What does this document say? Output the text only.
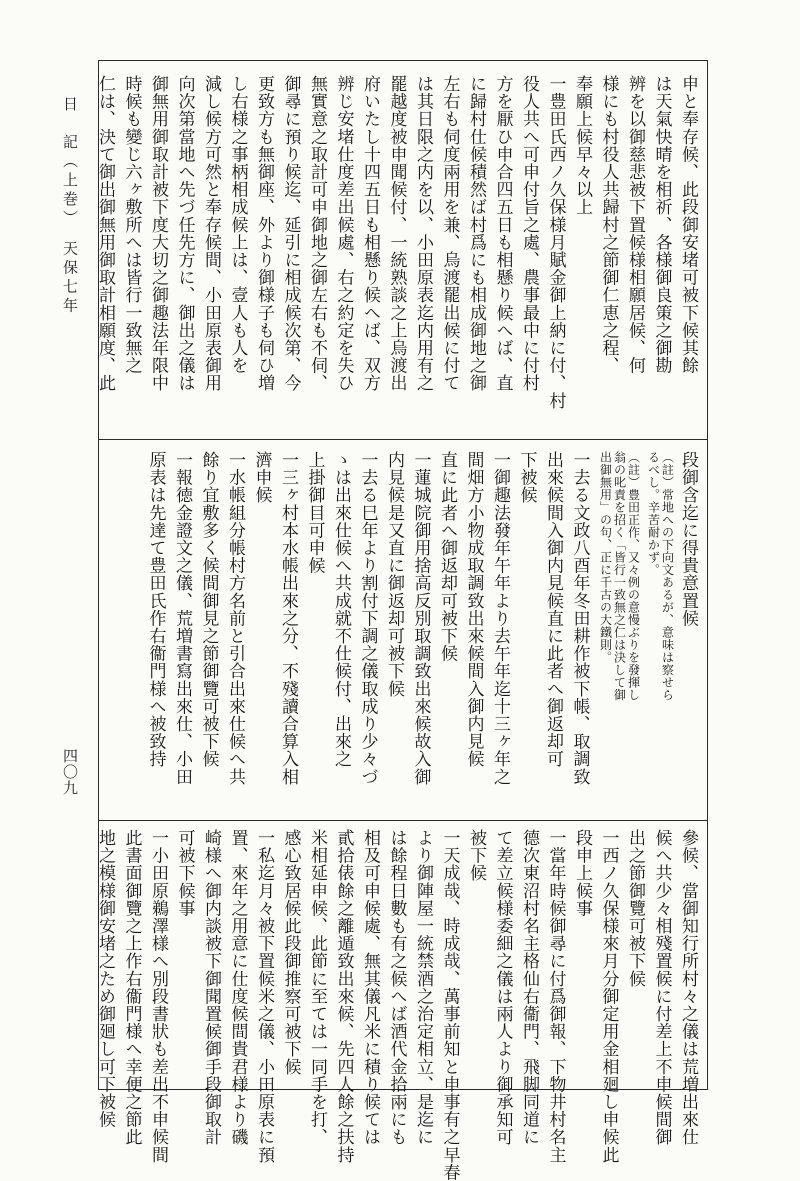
日　記（上巻）　天保七年
四〇九
申と奉存候、此段御安堵可被下候其餘
は天氣快晴を相祈、各様御良策之御勘
辨を以御慈悲被下置候様相願居候、何
様にも村役人共歸村之節御仁恵之程、
奉願上候早々以上
一豊田氏西ノ久保様月賦金御上納に付、村
役人共へ可申付旨之處、農事最中に付村
方を厭ひ申合四五日も相懸り候へば、直
に歸村仕候積然ば村爲にも相成御地之御
左右も伺度兩用を兼、烏渡罷出候に付て
は其日限之内を以、小田原表迄内用有之
罷越度被申聞候付、一統熟談之上烏渡出
府いたし十四五日も相懸り候へば、双方
辨じ安堵仕度差出候處、右之約定を失ひ
無實意之取計可申御地之御左右も不伺、
御尋に預り候迄、延引に相成候次第、今
更致方も無御座、外より御様子も伺ひ増
し右様之事柄相成候上は、壹人も人を
減し候方可然と奉存候間、小田原表御用
向次第當地へ先づ任先方に、御出之儀は
御無用御取計被下度大切之御趣法年限中
時候も變じ六ヶ敷所へは皆行一致無之
仁は、決て御出御無用御取計相願度、此
段御含迄に得貴意置候
（註）常地への下向文あるが、意味は察せら
るべし。辛苦耐かず。
（註）豊田正作、又々例の意慢ぶりを發揮し
翁の叱責を招く「皆行一致無之仁は決して御
出御無用」の句、正に千古の大鐵則。
一去る文政八酉年冬田耕作被下帳、取調致
出來候間入御内見候直に此者へ御返却可
下被候
一御趣法發年午年より去午年迄十三ヶ年之
間畑方小物成取調致出來候間入御内見候
直に此者へ御返却可被下候
一蓮城院御用捨高反別取調致出來候故入御
内見候是又直に御返却可被下候
一去る巳年より割付下調之儀取成り少々づ
ゝは出來仕候へ共成就不仕候付、出來之
上掛御目可申候
一三ヶ村本水帳出來之分、不殘讀合算入相
濟申候
一水帳組分帳村方名前と引合出來仕候へ共
餘り宜敷多く候間御見之節御覽可被下候
一報徳金證文之儀、荒増書寫出來仕、小田
原表は先達て豊田氏作右衞門様へ被致持
參候、當御知行所村々之儀は荒増出來仕
候へ共少々相殘置候に付差上不申候間御
出之節御覽可被下候
一西ノ久保様來月分御定用金相廻し申候此
段申上候事
一當年時候御尋に付爲御報、下物井村名主
德次東沼村名主格仙右衞門、飛脚同道に
て差立候様委細之儀は兩人より御承知可
被下候
一天成哉、時成哉、萬事前知と申事有之早春
より御陣屋一統禁酒之治定相立、是迄に
は餘程日數も有之候へば酒代金拾兩にも
相及可申候處、無其儀凡米に積り候ては
貳拾俵餘之離遁致出來候、先四人餘之扶持
米相延申候、此節に至ては一同手を打、
感心致居候此段御推察可被下候
一私迄月々被下置候米之儀、小田原表に預
置、來年之用意に仕度候間貴君様より磯
崎様へ御内談被下御聞置候御手段御取計
可被下候事
一小田原鵜澤様へ別段書狀も差出不申候間
此書面御覽之上作右衞門様へ幸便之節此
地之模様御安堵之ため御廻し可下被候
